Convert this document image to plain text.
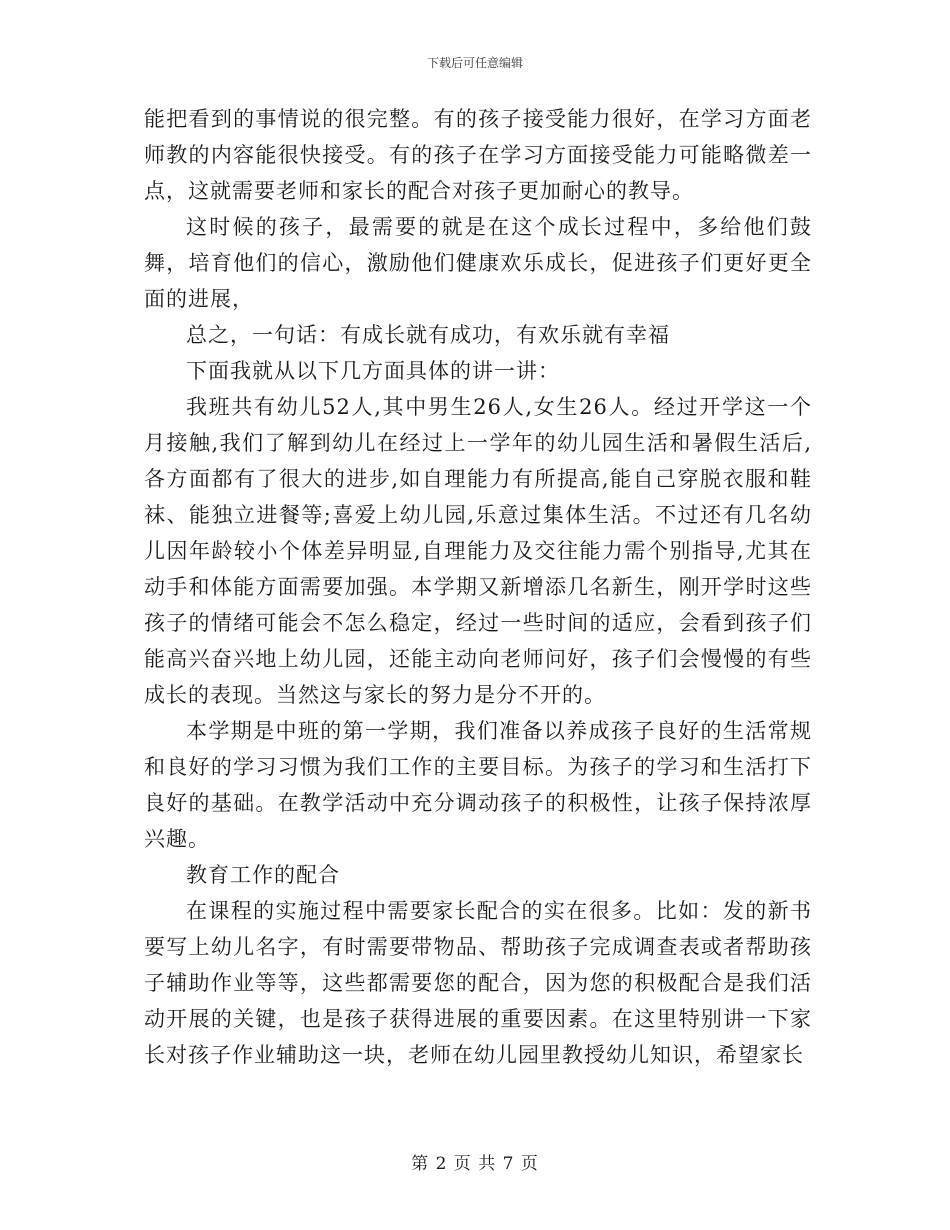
下载后可任意编辑

能把看到的事情说的很完整。有的孩子接受能力很好，在学习方面老师教的内容能很快接受。有的孩子在学习方面接受能力可能略微差一点，这就需要老师和家长的配合对孩子更加耐心的教导。

这时候的孩子，最需要的就是在这个成长过程中，多给他们鼓舞，培育他们的信心，激励他们健康欢乐成长，促进孩子们更好更全面的进展，

总之，一句话：有成长就有成功，有欢乐就有幸福

下面我就从以下几方面具体的讲一讲：

我班共有幼儿52人,其中男生26人,女生26人。经过开学这一个月接触,我们了解到幼儿在经过上一学年的幼儿园生活和暑假生活后,各方面都有了很大的进步,如自理能力有所提高,能自己穿脱衣服和鞋袜、能独立进餐等;喜爱上幼儿园,乐意过集体生活。不过还有几名幼儿因年龄较小个体差异明显,自理能力及交往能力需个别指导,尤其在动手和体能方面需要加强。本学期又新增添几名新生，刚开学时这些孩子的情绪可能会不怎么稳定，经过一些时间的适应，会看到孩子们能高兴奋兴地上幼儿园，还能主动向老师问好，孩子们会慢慢的有些成长的表现。当然这与家长的努力是分不开的。

本学期是中班的第一学期，我们准备以养成孩子良好的生活常规和良好的学习习惯为我们工作的主要目标。为孩子的学习和生活打下良好的基础。在教学活动中充分调动孩子的积极性，让孩子保持浓厚兴趣。

教育工作的配合

在课程的实施过程中需要家长配合的实在很多。比如：发的新书要写上幼儿名字，有时需要带物品、帮助孩子完成调查表或者帮助孩子辅助作业等等，这些都需要您的配合，因为您的积极配合是我们活动开展的关键，也是孩子获得进展的重要因素。在这里特别讲一下家长对孩子作业辅助这一块，老师在幼儿园里教授幼儿知识，希望家长

第 2 页 共 7 页
